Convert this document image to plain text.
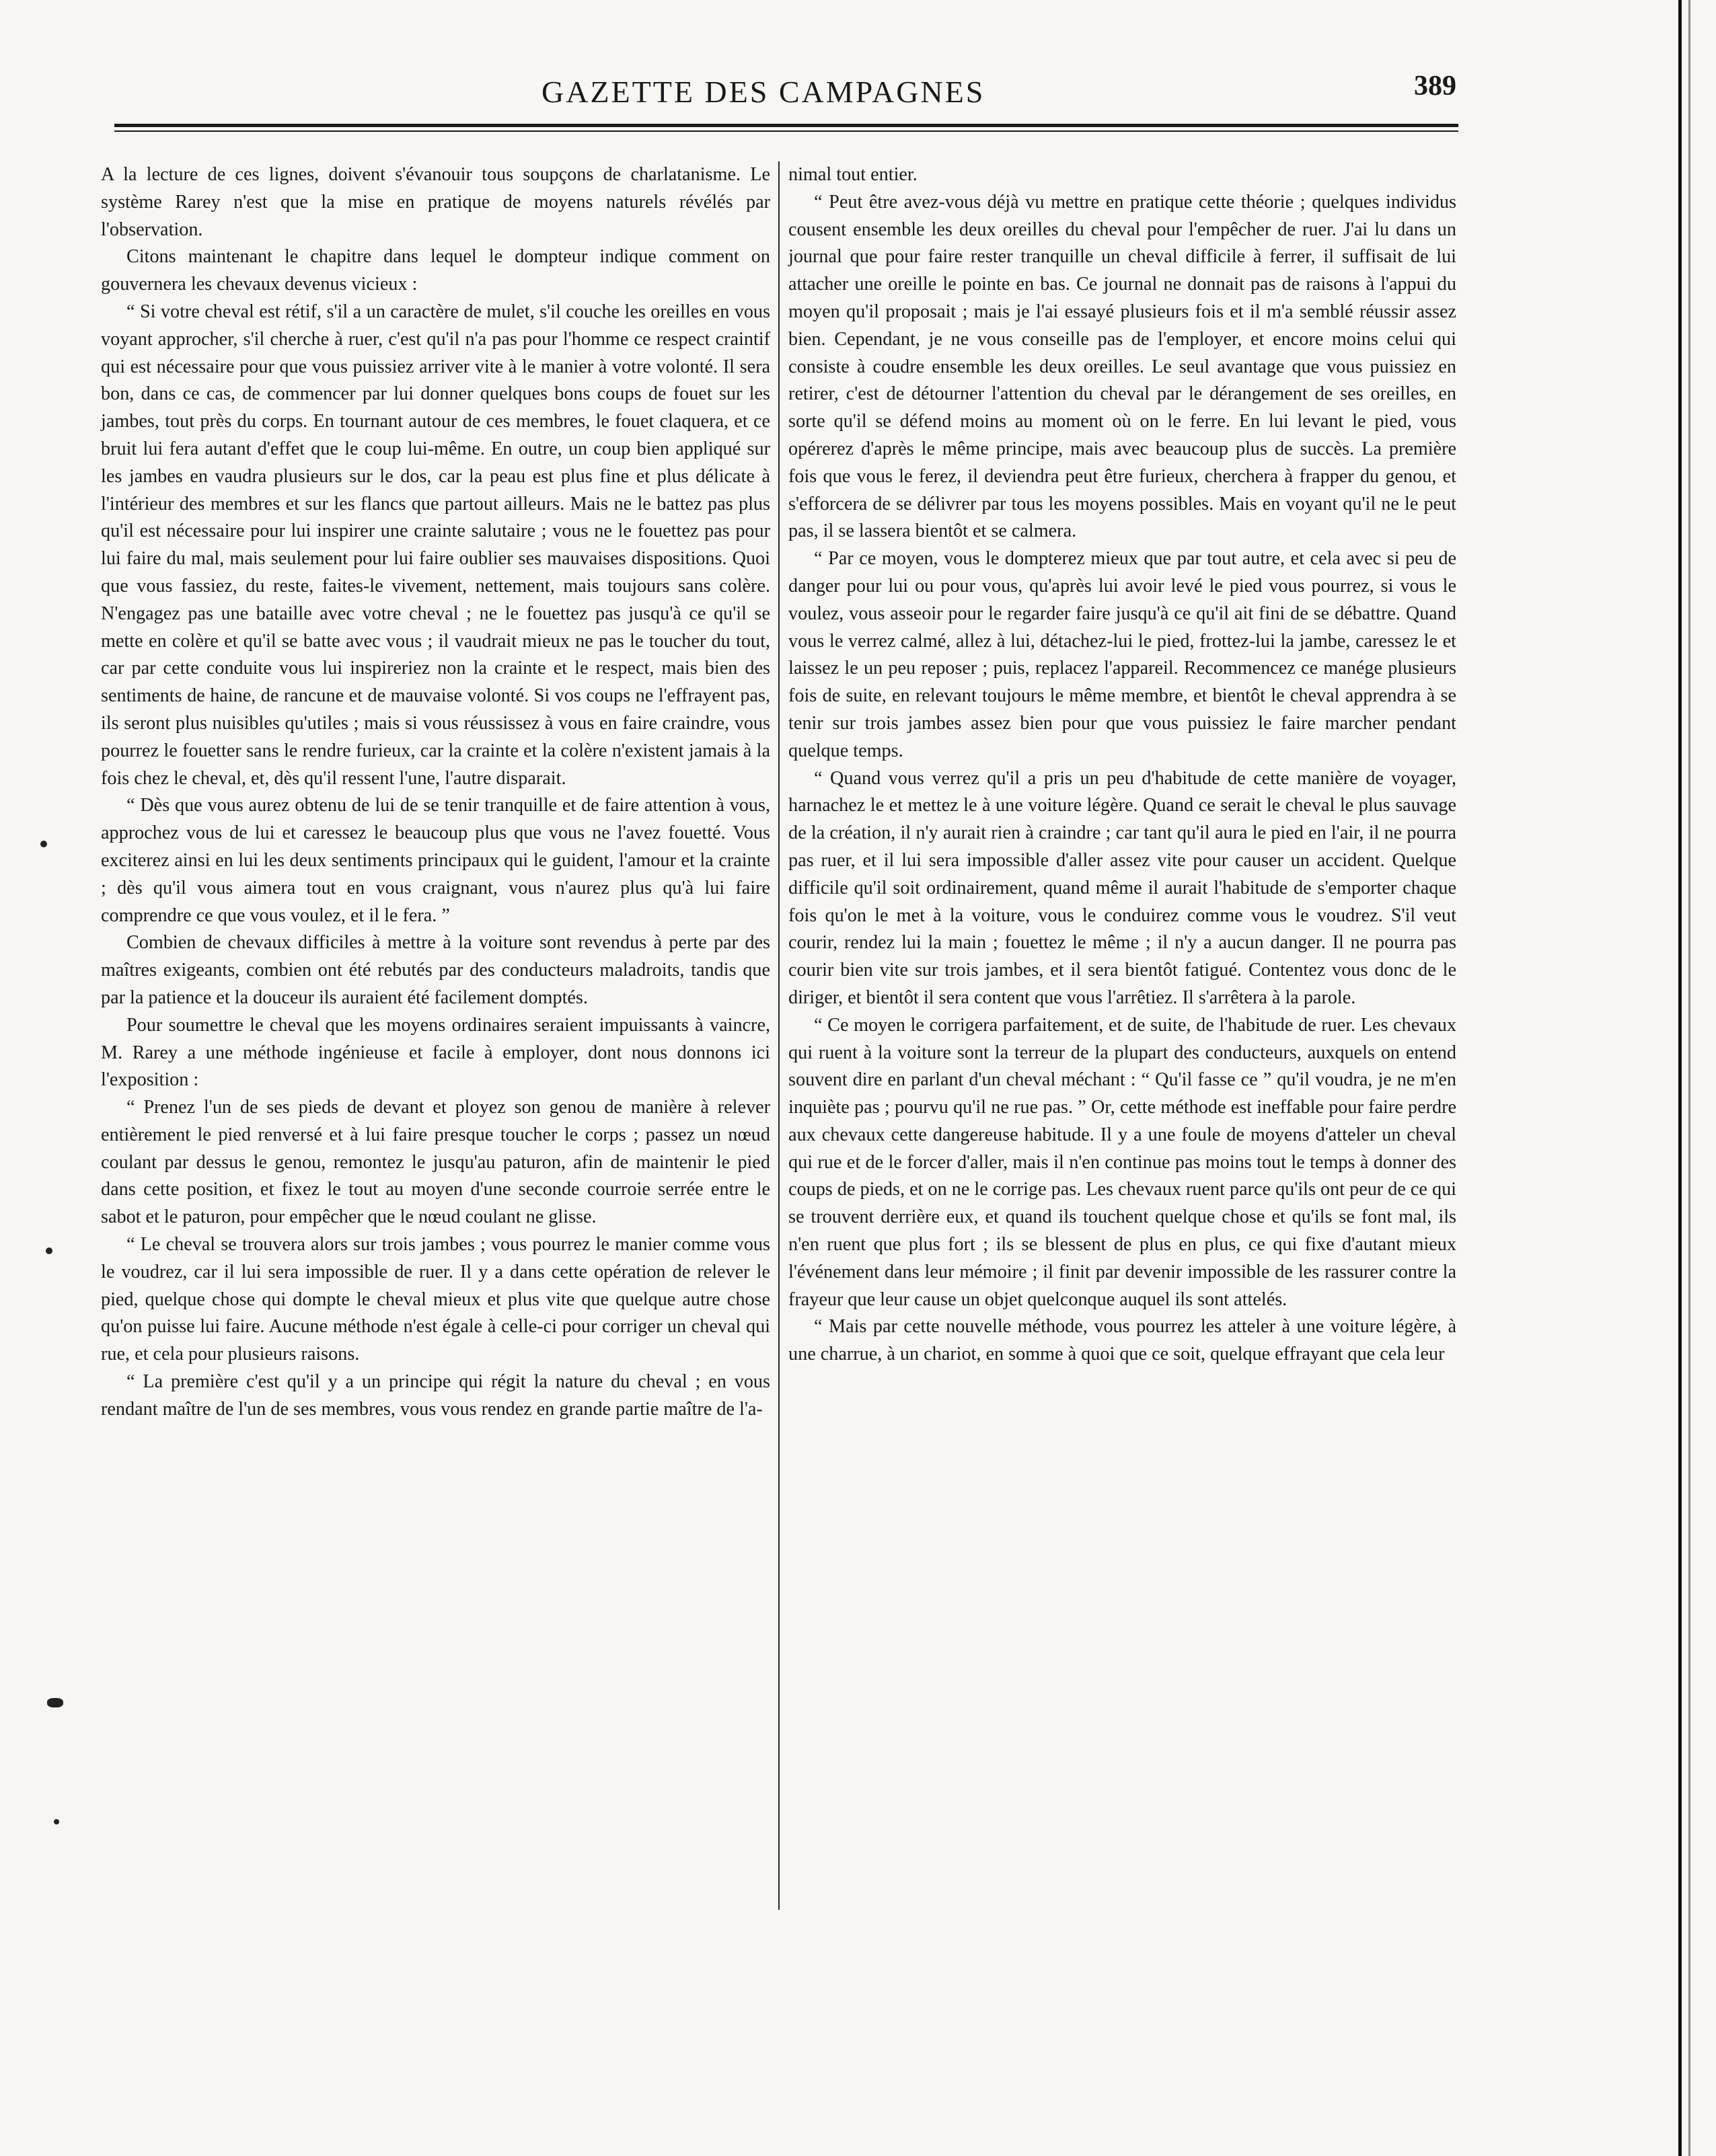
GAZETTE DES CAMPAGNES	389

A la lecture de ces lignes, doivent s'évanouir tous soupçons de charlatanisme. Le système Rarey n'est que la mise en pratique de moyens naturels révélés par l'observation.

Citons maintenant le chapitre dans lequel le dompteur indique comment on gouvernera les chevaux devenus vicieux :

“ Si votre cheval est rétif, s'il a un caractère de mulet, s'il couche les oreilles en vous voyant approcher, s'il cherche à ruer, c'est qu'il n'a pas pour l'homme ce respect craintif qui est nécessaire pour que vous puissiez arriver vite à le manier à votre volonté. Il sera bon, dans ce cas, de commencer par lui donner quelques bons coups de fouet sur les jambes, tout près du corps. En tournant autour de ces membres, le fouet claquera, et ce bruit lui fera autant d'effet que le coup lui-même. En outre, un coup bien appliqué sur les jambes en vaudra plusieurs sur le dos, car la peau est plus fine et plus délicate à l'intérieur des membres et sur les flancs que partout ailleurs. Mais ne le battez pas plus qu'il est nécessaire pour lui inspirer une crainte salutaire ; vous ne le fouettez pas pour lui faire du mal, mais seulement pour lui faire oublier ses mauvaises dispositions. Quoi que vous fassiez, du reste, faites-le vivement, nettement, mais toujours sans colère. N'engagez pas une bataille avec votre cheval ; ne le fouettez pas jusqu'à ce qu'il se mette en colère et qu'il se batte avec vous ; il vaudrait mieux ne pas le toucher du tout, car par cette conduite vous lui inspireriez non la crainte et le respect, mais bien des sentiments de haine, de rancune et de mauvaise volonté. Si vos coups ne l'effrayent pas, ils seront plus nuisibles qu'utiles ; mais si vous réussissez à vous en faire craindre, vous pourrez le fouetter sans le rendre furieux, car la crainte et la colère n'existent jamais à la fois chez le cheval, et, dès qu'il ressent l'une, l'autre disparait.

“ Dès que vous aurez obtenu de lui de se tenir tranquille et de faire attention à vous, approchez vous de lui et caressez le beaucoup plus que vous ne l'avez fouetté. Vous exciterez ainsi en lui les deux sentiments principaux qui le guident, l'amour et la crainte ; dès qu'il vous aimera tout en vous craignant, vous n'aurez plus qu'à lui faire comprendre ce que vous voulez, et il le fera. ”

Combien de chevaux difficiles à mettre à la voiture sont revendus à perte par des maîtres exigeants, combien ont été rebutés par des conducteurs maladroits, tandis que par la patience et la douceur ils auraient été facilement domptés.

Pour soumettre le cheval que les moyens ordinaires seraient impuissants à vaincre, M. Rarey a une méthode ingénieuse et facile à employer, dont nous donnons ici l'exposition :

“ Prenez l'un de ses pieds de devant et ployez son genou de manière à relever entièrement le pied renversé et à lui faire presque toucher le corps ; passez un nœud coulant par dessus le genou, remontez le jusqu'au paturon, afin de maintenir le pied dans cette position, et fixez le tout au moyen d'une seconde courroie serrée entre le sabot et le paturon, pour empêcher que le nœud coulant ne glisse.

“ Le cheval se trouvera alors sur trois jambes ; vous pourrez le manier comme vous le voudrez, car il lui sera impossible de ruer. Il y a dans cette opération de relever le pied, quelque chose qui dompte le cheval mieux et plus vite que quelque autre chose qu'on puisse lui faire. Aucune méthode n'est égale à celle-ci pour corriger un cheval qui rue, et cela pour plusieurs raisons.

“ La première c'est qu'il y a un principe qui régit la nature du cheval ; en vous rendant maître de l'un de ses membres, vous vous rendez en grande partie maître de l'a-

nimal tout entier.

“ Peut être avez-vous déjà vu mettre en pratique cette théorie ; quelques individus cousent ensemble les deux oreilles du cheval pour l'empêcher de ruer. J'ai lu dans un journal que pour faire rester tranquille un cheval difficile à ferrer, il suffisait de lui attacher une oreille le pointe en bas. Ce journal ne donnait pas de raisons à l'appui du moyen qu'il proposait ; mais je l'ai essayé plusieurs fois et il m'a semblé réussir assez bien. Cependant, je ne vous conseille pas de l'employer, et encore moins celui qui consiste à coudre ensemble les deux oreilles. Le seul avantage que vous puissiez en retirer, c'est de détourner l'attention du cheval par le dérangement de ses oreilles, en sorte qu'il se défend moins au moment où on le ferre. En lui levant le pied, vous opérerez d'après le même principe, mais avec beaucoup plus de succès. La première fois que vous le ferez, il deviendra peut être furieux, cherchera à frapper du genou, et s'efforcera de se délivrer par tous les moyens possibles. Mais en voyant qu'il ne le peut pas, il se lassera bientôt et se calmera.

“ Par ce moyen, vous le dompterez mieux que par tout autre, et cela avec si peu de danger pour lui ou pour vous, qu'après lui avoir levé le pied vous pourrez, si vous le voulez, vous asseoir pour le regarder faire jusqu'à ce qu'il ait fini de se débattre. Quand vous le verrez calmé, allez à lui, détachez-lui le pied, frottez-lui la jambe, caressez le et laissez le un peu reposer ; puis, replacez l'appareil. Recommencez ce manége plusieurs fois de suite, en relevant toujours le même membre, et bientôt le cheval apprendra à se tenir sur trois jambes assez bien pour que vous puissiez le faire marcher pendant quelque temps.

“ Quand vous verrez qu'il a pris un peu d'habitude de cette manière de voyager, harnachez le et mettez le à une voiture légère. Quand ce serait le cheval le plus sauvage de la création, il n'y aurait rien à craindre ; car tant qu'il aura le pied en l'air, il ne pourra pas ruer, et il lui sera impossible d'aller assez vite pour causer un accident. Quelque difficile qu'il soit ordinairement, quand même il aurait l'habitude de s'emporter chaque fois qu'on le met à la voiture, vous le conduirez comme vous le voudrez. S'il veut courir, rendez lui la main ; fouettez le même ; il n'y a aucun danger. Il ne pourra pas courir bien vite sur trois jambes, et il sera bientôt fatigué. Contentez vous donc de le diriger, et bientôt il sera content que vous l'arrêtiez. Il s'arrêtera à la parole.

“ Ce moyen le corrigera parfaitement, et de suite, de l'habitude de ruer. Les chevaux qui ruent à la voiture sont la terreur de la plupart des conducteurs, auxquels on entend souvent dire en parlant d'un cheval méchant : “ Qu'il fasse ce ” qu'il voudra, je ne m'en inquiète pas ; pourvu qu'il ne rue pas. ” Or, cette méthode est ineffable pour faire perdre aux chevaux cette dangereuse habitude. Il y a une foule de moyens d'atteler un cheval qui rue et de le forcer d'aller, mais il n'en continue pas moins tout le temps à donner des coups de pieds, et on ne le corrige pas. Les chevaux ruent parce qu'ils ont peur de ce qui se trouvent derrière eux, et quand ils touchent quelque chose et qu'ils se font mal, ils n'en ruent que plus fort ; ils se blessent de plus en plus, ce qui fixe d'autant mieux l'événement dans leur mémoire ; il finit par devenir impossible de les rassurer contre la frayeur que leur cause un objet quelconque auquel ils sont attelés.

“ Mais par cette nouvelle méthode, vous pourrez les atteler à une voiture légère, à une charrue, à un chariot, en somme à quoi que ce soit, quelque effrayant que cela leur
